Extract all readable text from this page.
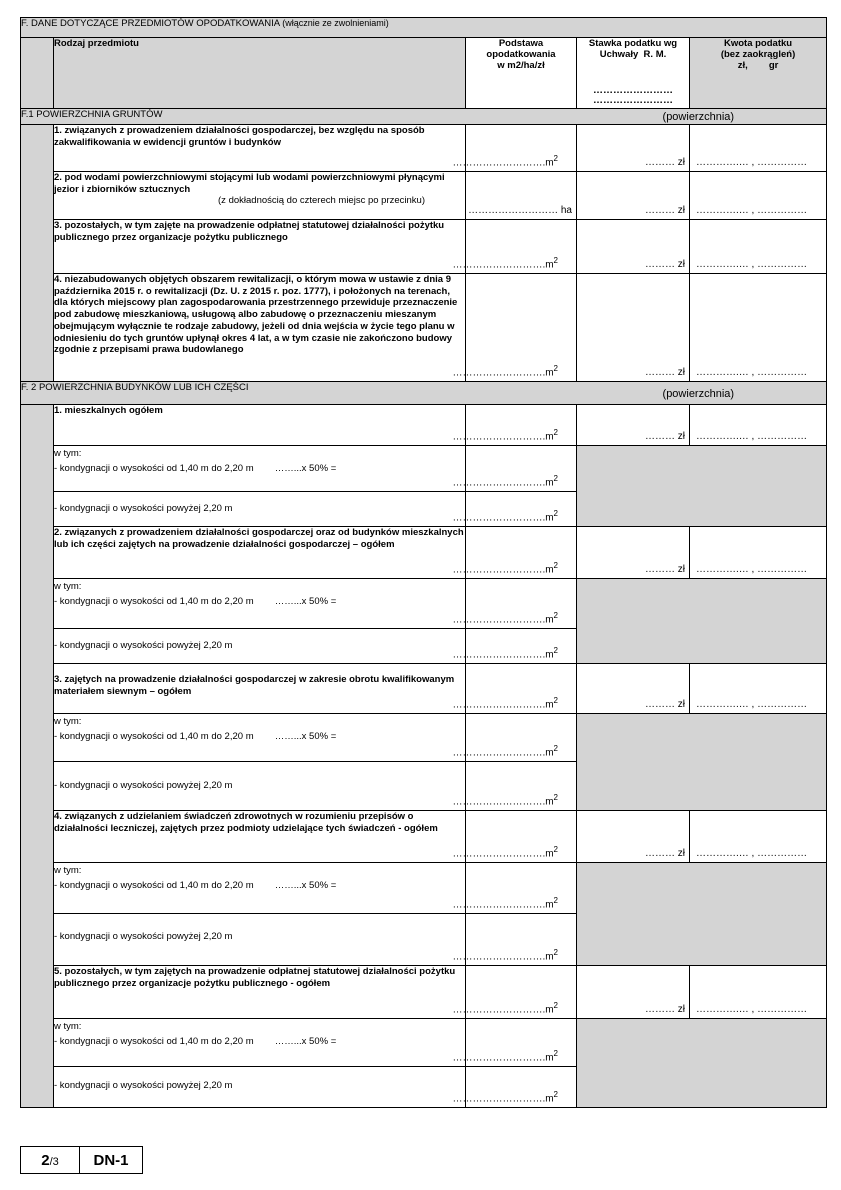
F. DANE DOTYCZĄCE PRZEDMIOTÓW OPODATKOWANIA (włącznie ze zwolnieniami)				
	Rodzaj przedmiotu	Podstawa
opodatkowania
w m2/ha/zł	Stawka podatku wg
Uchwały  R. M.
……………………
……………………	Kwota podatku
(bez zaokrągleń)
zł,        gr
F.1 POWIERZCHNIA GRUNTÓW (powierzchnia)				

	1. związanych z prowadzeniem działalności gospodarczej, bez względu na sposób zakwalifikowania w ewidencji gruntów i budynków	$\dots\dots\dots\dots\dots\dots\dots\dots\dots.m^2$	……… zł	………….… , ……………

	2. pod wodami powierzchniowymi stojącymi lub wodami powierzchniowymi płynącymi jezior i zbiorników sztucznych
(z dokładnością do czterech miejsc po przecinku)	……………………… ha	……… zł	………….… , ……………

	3. pozostałych, w tym zajęte na prowadzenie odpłatnej statutowej działalności pożytku publicznego przez organizacje pożytku publicznego	$\dots\dots\dots\dots\dots\dots\dots\dots\dots.m^2$	……… zł	………….… , ……………

	4. niezabudowanych objętych obszarem rewitalizacji, o którym mowa w ustawie z dnia 9 października 2015 r. o rewitalizacji (Dz. U. z 2015 r. poz. 1777), i położonych na terenach, dla których miejscowy plan zagospodarowania przestrzennego przewiduje przeznaczenie pod zabudowę mieszkaniową, usługową albo zabudowę o przeznaczeniu mieszanym obejmującym wyłącznie te rodzaje zabudowy, jeżeli od dnia wejścia w życie tego planu w odniesieniu do tych gruntów upłynął okres 4 lat, a w tym czasie nie zakończono budowy zgodnie z przepisami prawa budowlanego	$\dots\dots\dots\dots\dots\dots\dots\dots\dots.m^2$	……… zł	………….… , ……………

F. 2 POWIERZCHNIA BUDYNKÓW LUB ICH CZĘŚCI
(powierzchnia)				

	1. mieszkalnych ogółem	$\dots\dots\dots\dots\dots\dots\dots\dots\dots.m^2$	……… zł	………….… , ……………

	w tym:
- kondygnacji o wysokości od 1,40 m do 2,20 m ……...x 50% =	$\dots\dots\dots\dots\dots\dots\dots\dots\dots.m^2$

	- kondygnacji o wysokości powyżej 2,20 m	$\dots\dots\dots\dots\dots\dots\dots\dots\dots.m^2$

	2. związanych z prowadzeniem działalności gospodarczej oraz od budynków mieszkalnych lub ich części zajętych na prowadzenie działalności gospodarczej – ogółem	$\dots\dots\dots\dots\dots\dots\dots\dots\dots.m^2$	……… zł	………….… , ……………

	w tym:
- kondygnacji o wysokości od 1,40 m do 2,20 m ……...x 50% =	$\dots\dots\dots\dots\dots\dots\dots\dots\dots.m^2$

	- kondygnacji o wysokości powyżej 2,20 m	$\dots\dots\dots\dots\dots\dots\dots\dots\dots.m^2$

	3. zajętych na prowadzenie działalności gospodarczej w zakresie obrotu kwalifikowanym materiałem siewnym – ogółem	$\dots\dots\dots\dots\dots\dots\dots\dots\dots.m^2$	……… zł	………….… , ……………

	w tym:
- kondygnacji o wysokości od 1,40 m do 2,20 m ……...x 50% =	$\dots\dots\dots\dots\dots\dots\dots\dots\dots.m^2$

	- kondygnacji o wysokości powyżej 2,20 m	$\dots\dots\dots\dots\dots\dots\dots\dots\dots.m^2$

	4. związanych z udzielaniem świadczeń zdrowotnych w rozumieniu przepisów o działalności leczniczej, zajętych przez podmioty udzielające tych świadczeń - ogółem	$\dots\dots\dots\dots\dots\dots\dots\dots\dots.m^2$	……… zł	………….… , ……………

	w tym:
- kondygnacji o wysokości od 1,40 m do 2,20 m ……...x 50% =	$\dots\dots\dots\dots\dots\dots\dots\dots\dots.m^2$

	- kondygnacji o wysokości powyżej 2,20 m	$\dots\dots\dots\dots\dots\dots\dots\dots\dots.m^2$

	5. pozostałych, w tym zajętych na prowadzenie odpłatnej statutowej działalności pożytku publicznego przez organizacje pożytku publicznego - ogółem	$\dots\dots\dots\dots\dots\dots\dots\dots\dots.m^2$	……… zł	………….… , ……………

	w tym:
- kondygnacji o wysokości od 1,40 m do 2,20 m ……...x 50% =	$\dots\dots\dots\dots\dots\dots\dots\dots\dots.m^2$

	- kondygnacji o wysokości powyżej 2,20 m	$\dots\dots\dots\dots\dots\dots\dots\dots\dots.m^2$
2/3	DN-1
